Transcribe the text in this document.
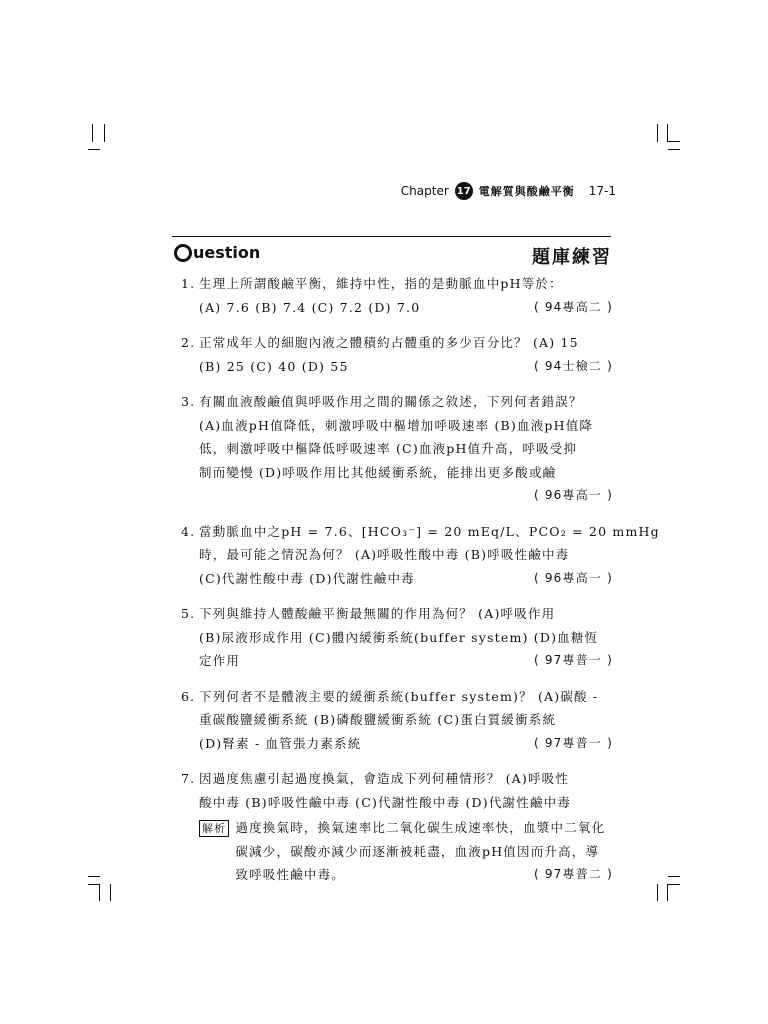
Chapter 17 電解質與酸鹼平衡 17-1
uestion	題庫練習
1. 生理上所謂酸鹼平衡，維持中性，指的是動脈血中pH等於：
(A) 7.6 (B) 7.4 (C) 7.2 (D) 7.0	( 94專高二 )
2. 正常成年人的細胞內液之體積約占體重的多少百分比？ (A) 15
(B) 25 (C) 40 (D) 55	( 94士檢二 )
3. 有關血液酸鹼值與呼吸作用之間的關係之敘述，下列何者錯誤？
(A)血液pH值降低，刺激呼吸中樞增加呼吸速率 (B)血液pH值降
低，刺激呼吸中樞降低呼吸速率 (C)血液pH值升高，呼吸受抑
制而變慢 (D)呼吸作用比其他緩衝系統，能排出更多酸或鹼
( 96專高一 )
4. 當動脈血中之pH = 7.6、[HCO₃⁻] = 20 mEq/L、PCO₂ = 20 mmHg
時，最可能之情況為何？ (A)呼吸性酸中毒 (B)呼吸性鹼中毒
(C)代謝性酸中毒 (D)代謝性鹼中毒	( 96專高一 )
5. 下列與維持人體酸鹼平衡最無關的作用為何？ (A)呼吸作用
(B)尿液形成作用 (C)體內緩衝系統(buffer system) (D)血糖恆
定作用	( 97專普一 )
6. 下列何者不是體液主要的緩衝系統(buffer system)？ (A)碳酸 -
重碳酸鹽緩衝系統 (B)磷酸鹽緩衝系統 (C)蛋白質緩衝系統
(D)腎素 - 血管張力素系統	( 97專普一 )
7. 因過度焦慮引起過度換氣，會造成下列何種情形？ (A)呼吸性
酸中毒 (B)呼吸性鹼中毒 (C)代謝性酸中毒 (D)代謝性鹼中毒
解析 過度換氣時，換氣速率比二氧化碳生成速率快，血漿中二氧化
碳減少，碳酸亦減少而逐漸被耗盡，血液pH值因而升高，導
致呼吸性鹼中毒。	( 97專普二 )
